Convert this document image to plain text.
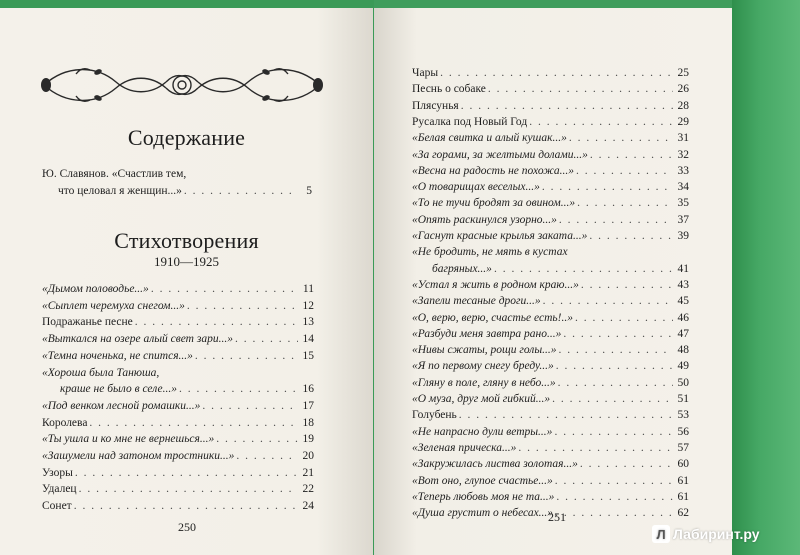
Содержание
Ю. Славянов. «Счастлив тем,
что целовал я женщин...» . . .	5
Стихотворения
1910—1925
«Дымом половодье...» . . .	11
«Сыплет черемуха снегом...» . . .	12
Подражанье песне . . .	13
«Выткался на озере алый свет зари...» . . .	14
«Темна ноченька, не спится...» . . .	15
«Хороша была Танюша,
краше не было в селе...» . . .	16
«Под венком лесной ромашки...» . . .	17
Королева . . .	18
«Ты ушла и ко мне не вернешься...» . . .	19
«Зашумели над затоном тростники...» . . .	20
Узоры . . .	21
Удалец . . .	22
Сонет . . .	24
Чары . . .	25
Песнь о собаке . . .	26
Плясунья . . .	28
Русалка под Новый Год . . .	29
«Белая свитка и алый кушак...» . . .	31
«За горами, за желтыми долами...» . . .	32
«Весна на радость не похожа...» . . .	33
«О товарищах веселых...» . . .	34
«То не тучи бродят за овином...» . . .	35
«Опять раскинулся узорно...» . . .	37
«Гаснут красные крылья заката...» . . .	39
«Не бродить, не мять в кустах
багряных...» . . .	41
«Устал я жить в родном краю...» . . .	43
«Запели тесаные дроги...» . . .	45
«О, верю, верю, счастье есть!..» . . .	46
«Разбуди меня завтра рано...» . . .	47
«Нивы сжаты, рощи голы...» . . .	48
«Я по первому снегу бреду...» . . .	49
«Гляну в поле, гляну в небо...» . . .	50
«О муза, друг мой гибкий...» . . .	51
Голубень . . .	53
«Не напрасно дули ветры...» . . .	56
«Зеленая прическа...» . . .	57
«Закружилась листва золотая...» . . .	60
«Вот оно, глупое счастье...» . . .	61
«Теперь любовь моя не та...» . . .	61
«Душа грустит о небесах...» . . .	62
250
251
Л Лабиринт.ру
